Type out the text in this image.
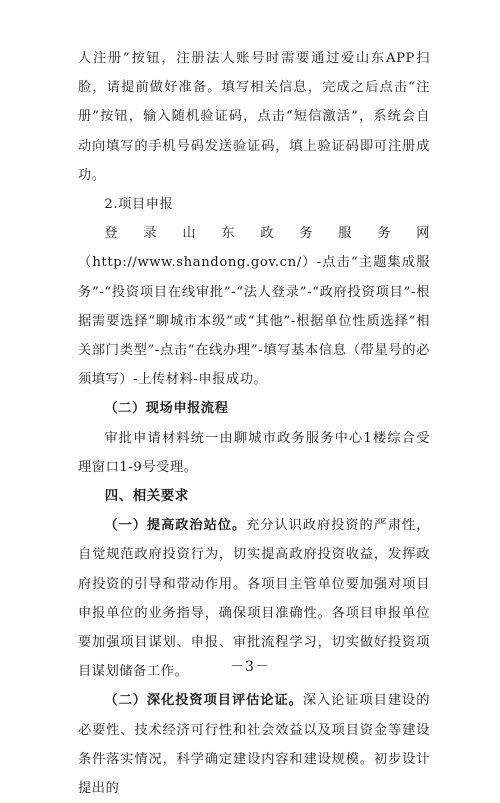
人注册”按钮，注册法人账号时需要通过爱山东APP扫脸，请提前做好准备。填写相关信息，完成之后点击“注册”按钮，输入随机验证码，点击“短信激活”，系统会自动向填写的手机号码发送验证码，填上验证码即可注册成功。

2.项目申报

登录山东政务服务网（http://www.shandong.gov.cn/）-点击“主题集成服务”-“投资项目在线审批”-“法人登录”-“政府投资项目”-根据需要选择“聊城市本级”或“其他”-根据单位性质选择“相关部门类型”-点击“在线办理”-填写基本信息（带星号的必须填写）-上传材料-申报成功。

（二）现场申报流程

审批申请材料统一由聊城市政务服务中心1楼综合受理窗口1-9号受理。

四、相关要求

（一）提高政治站位。充分认识政府投资的严肃性，自觉规范政府投资行为，切实提高政府投资收益，发挥政府投资的引导和带动作用。各项目主管单位要加强对项目申报单位的业务指导，确保项目准确性。各项目申报单位要加强项目谋划、申报、审批流程学习，切实做好投资项目谋划储备工作。

（二）深化投资项目评估论证。深入论证项目建设的必要性、技术经济可行性和社会效益以及项目资金等建设条件落实情况，科学确定建设内容和建设规模。初步设计提出的

－3－
